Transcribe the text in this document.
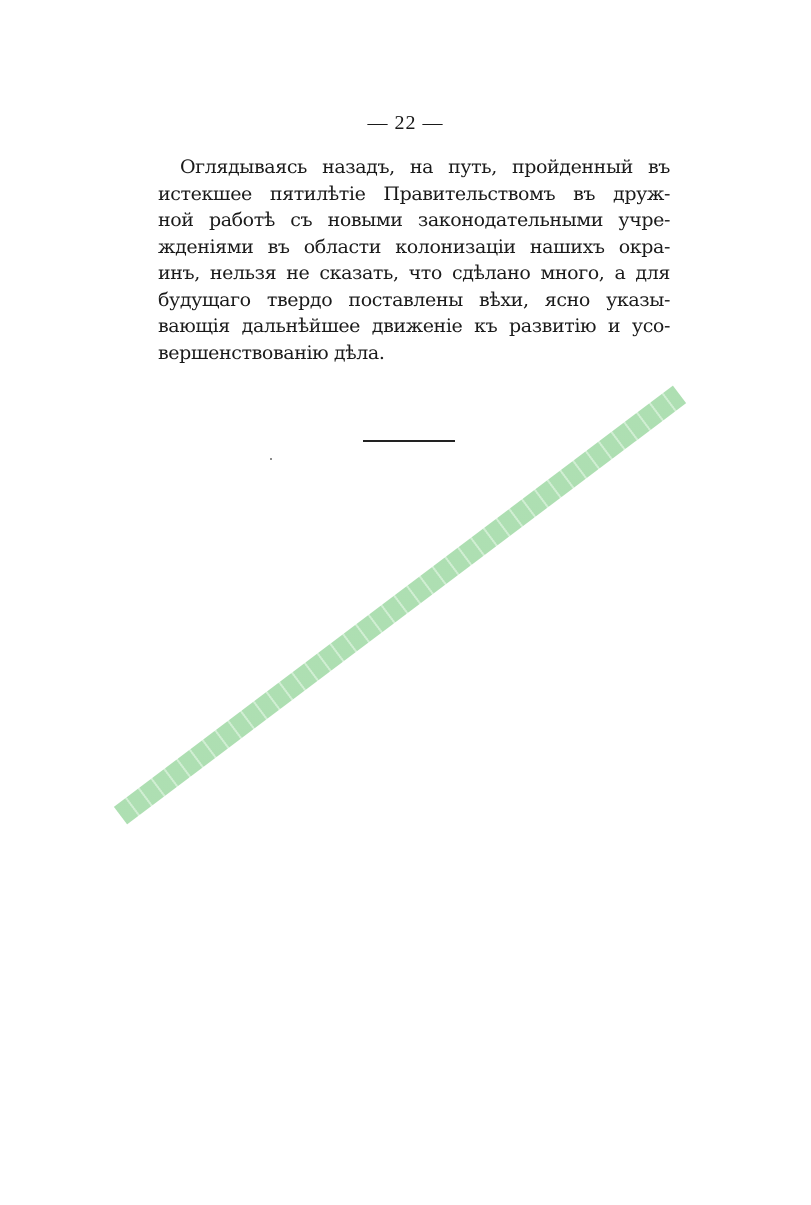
— 22 —
Оглядываясь назадъ, на путь, пройденный въ
истекшее пятилѣтіе Правительствомъ въ друж-
ной работѣ съ новыми законодательными учре-
жденіями въ области колонизаціи нашихъ окра-
инъ, нельзя не сказать, что сдѣлано много, а для
будущаго твердо поставлены вѣхи, ясно указы-
вающія дальнѣйшее движеніе къ развитію и усо-
вершенствованію дѣла.
